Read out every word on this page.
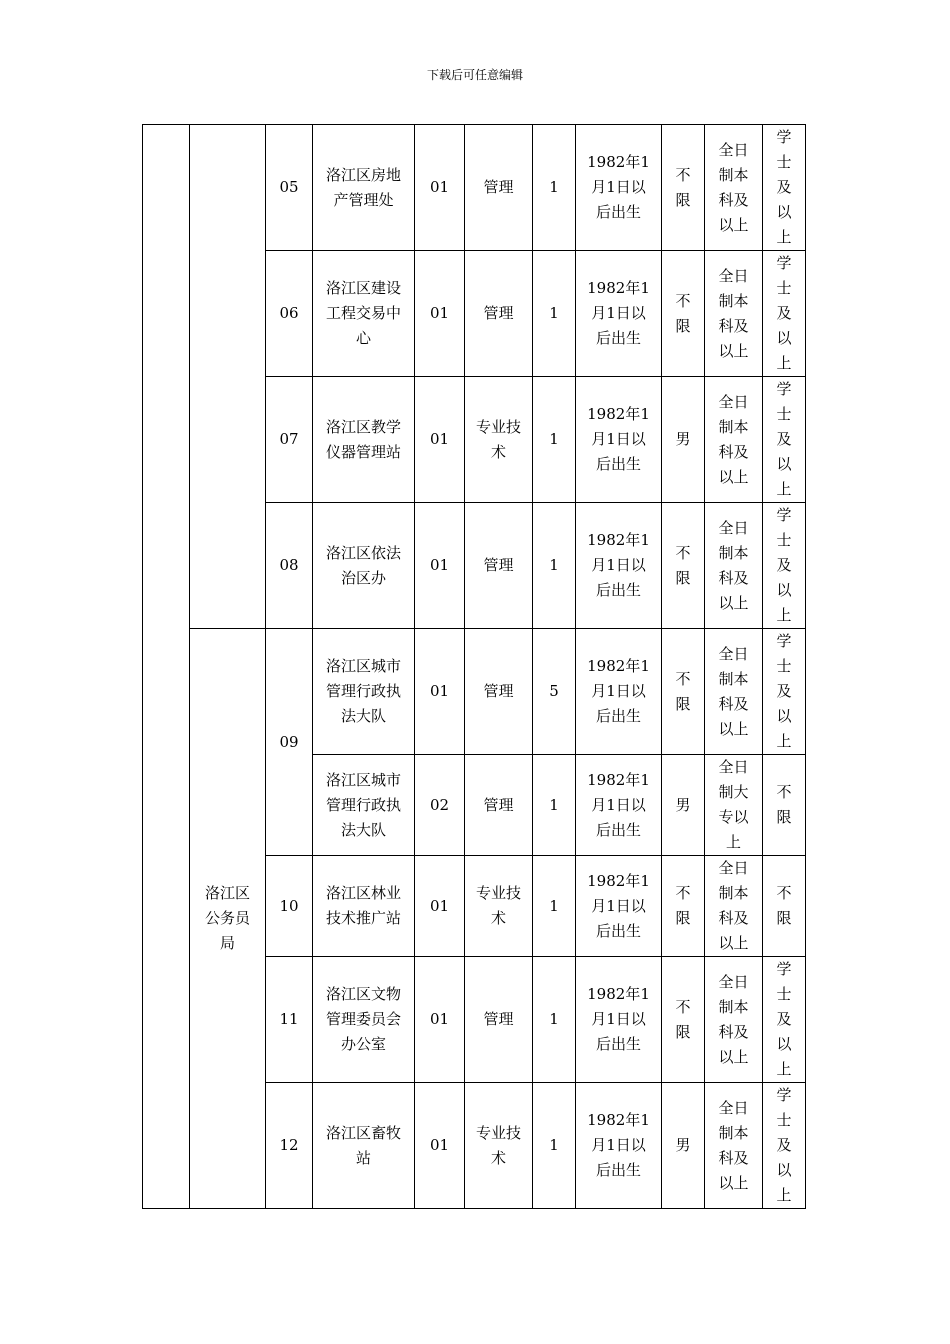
下载后可任意编辑

		05	洛江区房地产管理处	01	管理	1	1982年1月1日以后出生	不限	全日制本科及以上	学士及以上

		06	洛江区建设工程交易中心	01	管理	1	1982年1月1日以后出生	不限	全日制本科及以上	学士及以上

		07	洛江区教学仪器管理站	01	专业技术	1	1982年1月1日以后出生	男	全日制本科及以上	学士及以上

		08	洛江区依法治区办	01	管理	1	1982年1月1日以后出生	不限	全日制本科及以上	学士及以上

	洛江区公务员局	09	洛江区城市管理行政执法大队	01	管理	5	1982年1月1日以后出生	不限	全日制本科及以上	学士及以上

			洛江区城市管理行政执法大队	02	管理	1	1982年1月1日以后出生	男	全日制大专以上	不限

		10	洛江区林业技术推广站	01	专业技术	1	1982年1月1日以后出生	不限	全日制本科及以上	不限

		11	洛江区文物管理委员会办公室	01	管理	1	1982年1月1日以后出生	不限	全日制本科及以上	学士及以上

		12	洛江区畜牧站	01	专业技术	1	1982年1月1日以后出生	男	全日制本科及以上	学士及以上
